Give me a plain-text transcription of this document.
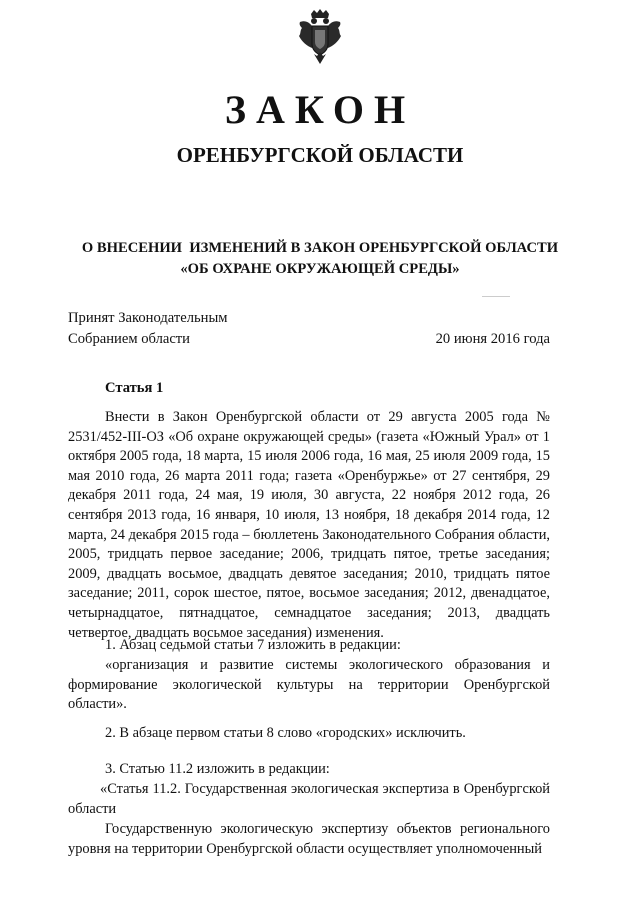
ЗАКОН
ОРЕНБУРГСКОЙ ОБЛАСТИ
О ВНЕСЕНИИ  ИЗМЕНЕНИЙ В ЗАКОН ОРЕНБУРГСКОЙ ОБЛАСТИ
«ОБ ОХРАНЕ ОКРУЖАЮЩЕЙ СРЕДЫ»
Принят Законодательным
Собранием области	20 июня 2016 года
Статья 1

Внести в Закон Оренбургской области от 29 августа 2005 года № 2531/452-III-ОЗ «Об охране окружающей среды» (газета «Южный Урал» от 1 октября 2005 года, 18 марта, 15 июля 2006 года, 16 мая, 25 июля 2009 года, 15 мая 2010 года, 26 марта 2011 года; газета «Оренбуржье» от 27 сентября, 29 декабря 2011 года, 24 мая, 19 июля, 30 августа, 22 ноября 2012 года, 26 сентября 2013 года, 16 января, 10 июля, 13 ноября, 18 декабря 2014 года, 12 марта, 24 декабря 2015 года – бюллетень Законодательного Собрания области, 2005, тридцать первое заседание; 2006, тридцать пятое, третье заседания; 2009, двадцать восьмое, двадцать девятое заседания; 2010, тридцать пятое заседание; 2011, сорок шестое, пятое, восьмое заседания; 2012, двенадцатое, четырнадцатое, пятнадцатое, семнадцатое заседания; 2013, двадцать четвертое, двадцать восьмое заседания) изменения.

1. Абзац седьмой статьи 7 изложить в редакции:

«организация и развитие системы экологического образования и формирование экологической культуры на территории Оренбургской области».

2. В абзаце первом статьи 8 слово «городских» исключить.

3. Статью 11.2 изложить в редакции:

«Статья 11.2. Государственная экологическая экспертиза в Оренбургской области

Государственную экологическую экспертизу объектов регионального уровня на территории Оренбургской области осуществляет уполномоченный
